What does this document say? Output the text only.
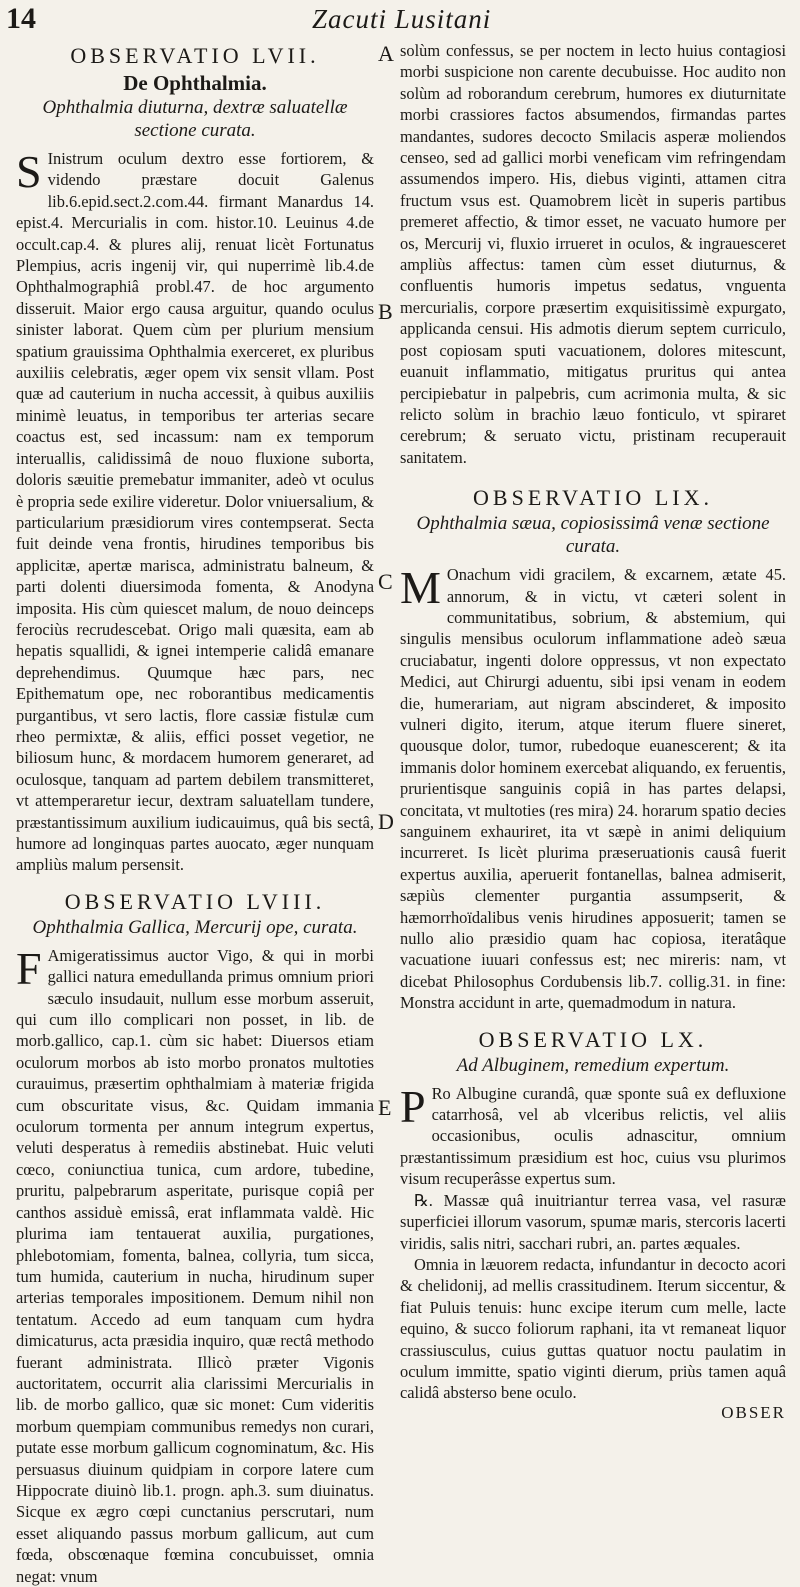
14	Zacuti Lusitani
OBSERVATIO LVII.
De Ophthalmia.
Ophthalmia diuturna, dextræ saluatellæ sectione curata.

S Inistrum oculum dextro esse fortiorem, & videndo præstare docuit Galenus lib.6.epid.sect.2.com.44. firmant Manardus 14. epist.4. Mercurialis in com. histor.10. Leuinus 4.de occult.cap.4. & plures alij, renuat licèt Fortunatus Plempius, acris ingenij vir, qui nuperrimè lib.4.de Ophthalmographiâ probl.47. de hoc argumento disseruit. Maior ergo causa arguitur, quando oculus sinister laborat. Quem cùm per plurium mensium spatium grauissima Ophthalmia exerceret, ex pluribus auxiliis celebratis, æger opem vix sensit vllam. Post quæ ad cauterium in nucha accessit, à quibus auxiliis minimè leuatus, in temporibus ter arterias secare coactus est, sed incassum: nam ex temporum interuallis, calidissimâ de nouo fluxione suborta, doloris sæuitie premebatur immaniter, adeò vt oculus è propria sede exilire videretur. Dolor vniuersalium, & particularium præsidiorum vires contempserat. Secta fuit deinde vena frontis, hirudines temporibus bis applicitæ, apertæ marisca, administratu balneum, & parti dolenti diuersimoda fomenta, & Anodyna imposita. His cùm quiescet malum, de nouo deinceps ferociùs recrudescebat. Origo mali quæsita, eam ab hepatis squallidi, & ignei intemperie calidâ emanare deprehendimus. Quumque hæc pars, nec Epithematum ope, nec roborantibus medicamentis purgantibus, vt sero lactis, flore cassiæ fistulæ cum rheo permixtæ, & aliis, effici posset vegetior, ne biliosum hunc, & mordacem humorem generaret, ad oculosque, tanquam ad partem debilem transmitteret, vt attemperaretur iecur, dextram saluatellam tundere, præstantissimum auxilium iudicauimus, quâ bis sectâ, humore ad longinquas partes auocato, æger nunquam ampliùs malum persensit.

OBSERVATIO LVIII.
Ophthalmia Gallica, Mercurij ope, curata.

F Amigeratissimus auctor Vigo, & qui in morbi gallici natura emedullanda primus omnium priori sæculo insudauit, nullum esse morbum asseruit, qui cum illo complicari non posset, in lib. de morb.gallico, cap.1. cùm sic habet: Diuersos etiam oculorum morbos ab isto morbo pronatos multoties curauimus, præsertim ophthalmiam à materiæ frigida cum obscuritate visus, &c. Quidam immania oculorum tormenta per annum integrum expertus, veluti desperatus à remediis abstinebat. Huic veluti cœco, coniunctiua tunica, cum ardore, tubedine, pruritu, palpebrarum asperitate, purisque copiâ per canthos assiduè emissâ, erat inflammata valdè. Hic plurima iam tentauerat auxilia, purgationes, phlebotomiam, fomenta, balnea, collyria, tum sicca, tum humida, cauterium in nucha, hirudinum super arterias temporales impositionem. Demum nihil non tentatum. Accedo ad eum tanquam cum hydra dimicaturus, acta præsidia inquiro, quæ rectâ methodo fuerant administrata. Illicò præter Vigonis auctoritatem, occurrit alia clarissimi Mercurialis in lib. de morbo gallico, quæ sic monet: Cum videritis morbum quempiam communibus remedys non curari, putate esse morbum gallicum cognominatum, &c. His persuasus diuinum quidpiam in corpore latere cum Hippocrate diuinò lib.1. progn. aph.3. sum diuinatus. Sicque ex ægro cœpi cunctanius perscrutari, num esset aliquando passus morbum gallicum, aut cum fœda, obscœnaque fœmina concubuisset, omnia negat: vnum

A
B
C
D
E

solùm confessus, se per noctem in lecto huius contagiosi morbi suspicione non carente decubuisse. Hoc audito non solùm ad roborandum cerebrum, humores ex diuturnitate morbi crassiores factos absumendos, firmandas partes mandantes, sudores decocto Smilacis asperæ moliendos censeo, sed ad gallici morbi veneficam vim refringendam assumendos impero. His, diebus viginti, attamen citra fructum vsus est. Quamobrem licèt in superis partibus premeret affectio, & timor esset, ne vacuato humore per os, Mercurij vi, fluxio irrueret in oculos, & ingrauesceret ampliùs affectus: tamen cùm esset diuturnus, & confluentis humoris impetus sedatus, vnguenta mercurialis, corpore præsertim exquisitissimè expurgato, applicanda censui. His admotis dierum septem curriculo, post copiosam sputi vacuationem, dolores mitescunt, euanuit inflammatio, mitigatus pruritus qui antea percipiebatur in palpebris, cum acrimonia multa, & sic relicto solùm in brachio læuo fonticulo, vt spiraret cerebrum; & seruato victu, pristinam recuperauit sanitatem.

OBSERVATIO LIX.
Ophthalmia sæua, copiosissimâ venæ sectione curata.

M Onachum vidi gracilem, & excarnem, ætate 45. annorum, & in victu, vt cæteri solent in communitatibus, sobrium, & abstemium, qui singulis mensibus oculorum inflammatione adeò sæua cruciabatur, ingenti dolore oppressus, vt non expectato Medici, aut Chirurgi aduentu, sibi ipsi venam in eodem die, humerariam, aut nigram abscinderet, & imposito vulneri digito, iterum, atque iterum fluere sineret, quousque dolor, tumor, rubedoque euanescerent; & ita immanis dolor hominem exercebat aliquando, ex feruentis, prurientisque sanguinis copiâ in has partes delapsi, concitata, vt multoties (res mira) 24. horarum spatio decies sanguinem exhauriret, ita vt sæpè in animi deliquium incurreret. Is licèt plurima præseruationis causâ fuerit expertus auxilia, aperuerit fontanellas, balnea admiserit, sæpiùs clementer purgantia assumpserit, & hæmorrhoïdalibus venis hirudines apposuerit; tamen se nullo alio præsidio quam hac copiosa, iteratâque vacuatione iuuari confessus est; nec mireris: nam, vt dicebat Philosophus Cordubensis lib.7. collig.31. in fine: Monstra accidunt in arte, quemadmodum in natura.

OBSERVATIO LX.
Ad Albuginem, remedium expertum.

P Ro Albugine curandâ, quæ sponte suâ ex defluxione catarrhosâ, vel ab vlceribus relictis, vel aliis occasionibus, oculis adnascitur, omnium præstantissimum præsidium est hoc, cuius vsu plurimos visum recuperâsse expertus sum.

℞. Massæ quâ inuitriantur terrea vasa, vel rasuræ superficiei illorum vasorum, spumæ maris, stercoris lacerti viridis, salis nitri, sacchari rubri, an. partes æquales.

Omnia in læuorem redacta, infundantur in decocto acori & chelidonij, ad mellis crassitudinem. Iterum siccentur, & fiat Puluis tenuis: hunc excipe iterum cum melle, lacte equino, & succo foliorum raphani, ita vt remaneat liquor crassiusculus, cuius guttas quatuor noctu paulatim in oculum immitte, spatio viginti dierum, priùs tamen aquâ calidâ absterso bene oculo.

OBSER
